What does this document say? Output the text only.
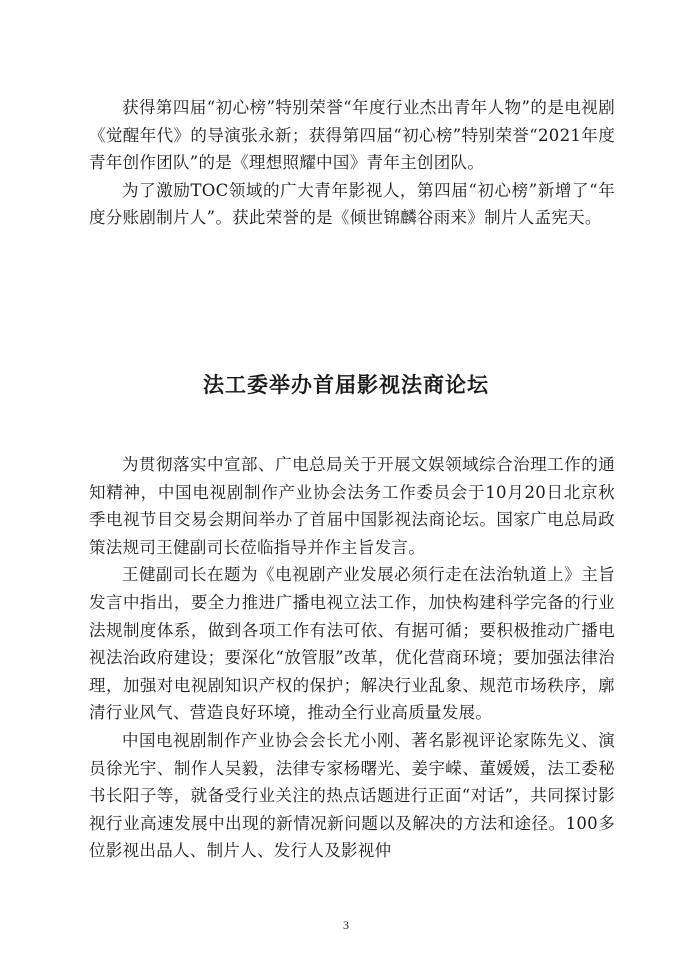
获得第四届“初心榜”特别荣誉“年度行业杰出青年人物”的是电视剧《觉醒年代》的导演张永新；获得第四届“初心榜”特别荣誉“2021年度青年创作团队”的是《理想照耀中国》青年主创团队。

为了激励TOC领域的广大青年影视人，第四届“初心榜”新增了“年度分账剧制片人”。获此荣誉的是《倾世锦麟谷雨来》制片人孟宪天。

法工委举办首届影视法商论坛

为贯彻落实中宣部、广电总局关于开展文娱领域综合治理工作的通知精神，中国电视剧制作产业协会法务工作委员会于10月20日北京秋季电视节目交易会期间举办了首届中国影视法商论坛。国家广电总局政策法规司王健副司长莅临指导并作主旨发言。

王健副司长在题为《电视剧产业发展必须行走在法治轨道上》主旨发言中指出，要全力推进广播电视立法工作，加快构建科学完备的行业法规制度体系，做到各项工作有法可依、有据可循；要积极推动广播电视法治政府建设；要深化“放管服”改革，优化营商环境；要加强法律治理，加强对电视剧知识产权的保护；解决行业乱象、规范市场秩序，廓清行业风气、营造良好环境，推动全行业高质量发展。

中国电视剧制作产业协会会长尤小刚、著名影视评论家陈先义、演员徐光宇、制作人吴毅，法律专家杨曙光、姜宇嵘、董媛媛，法工委秘书长阳子等，就备受行业关注的热点话题进行正面“对话”，共同探讨影视行业高速发展中出现的新情况新问题以及解决的方法和途径。100多位影视出品人、制片人、发行人及影视仲

3
